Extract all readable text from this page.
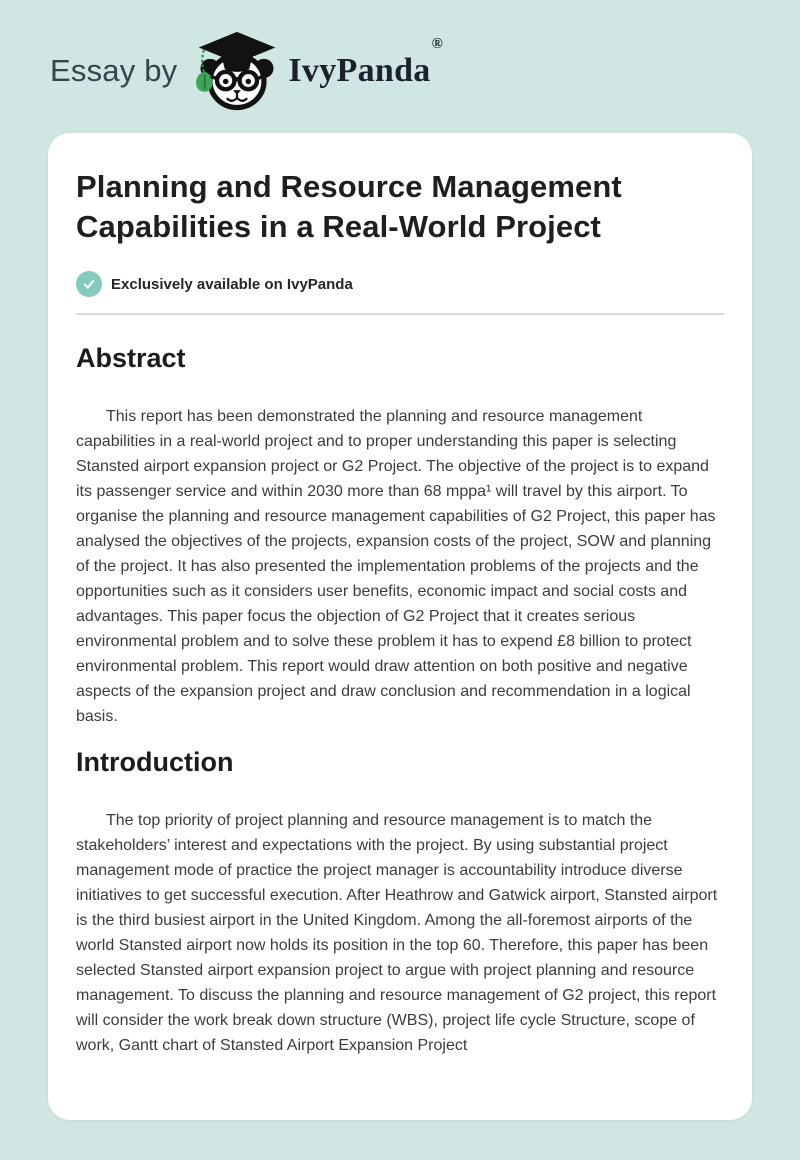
Essay by	IvyPanda
®
Planning and Resource Management Capabilities in a Real-World Project
Exclusively available on IvyPanda
Abstract

This report has been demonstrated the planning and resource management capabilities in a real-world project and to proper understanding this paper is selecting Stansted airport expansion project or G2 Project. The objective of the project is to expand its passenger service and within 2030 more than 68 mppa¹ will travel by this airport. To organise the planning and resource management capabilities of G2 Project, this paper has analysed the objectives of the projects, expansion costs of the project, SOW and planning of the project. It has also presented the implementation problems of the projects and the opportunities such as it considers user benefits, economic impact and social costs and advantages. This paper focus the objection of G2 Project that it creates serious environmental problem and to solve these problem it has to expend £8 billion to protect environmental problem. This report would draw attention on both positive and negative aspects of the expansion project and draw conclusion and recommendation in a logical basis.

Introduction

The top priority of project planning and resource management is to match the stakeholders’ interest and expectations with the project. By using substantial project management mode of practice the project manager is accountability introduce diverse initiatives to get successful execution. After Heathrow and Gatwick airport, Stansted airport is the third busiest airport in the United Kingdom. Among the all-foremost airports of the world Stansted airport now holds its position in the top 60. Therefore, this paper has been selected Stansted airport expansion project to argue with project planning and resource management. To discuss the planning and resource management of G2 project, this report will consider the work break down structure (WBS), project life cycle Structure, scope of work, Gantt chart of Stansted Airport Expansion Project
